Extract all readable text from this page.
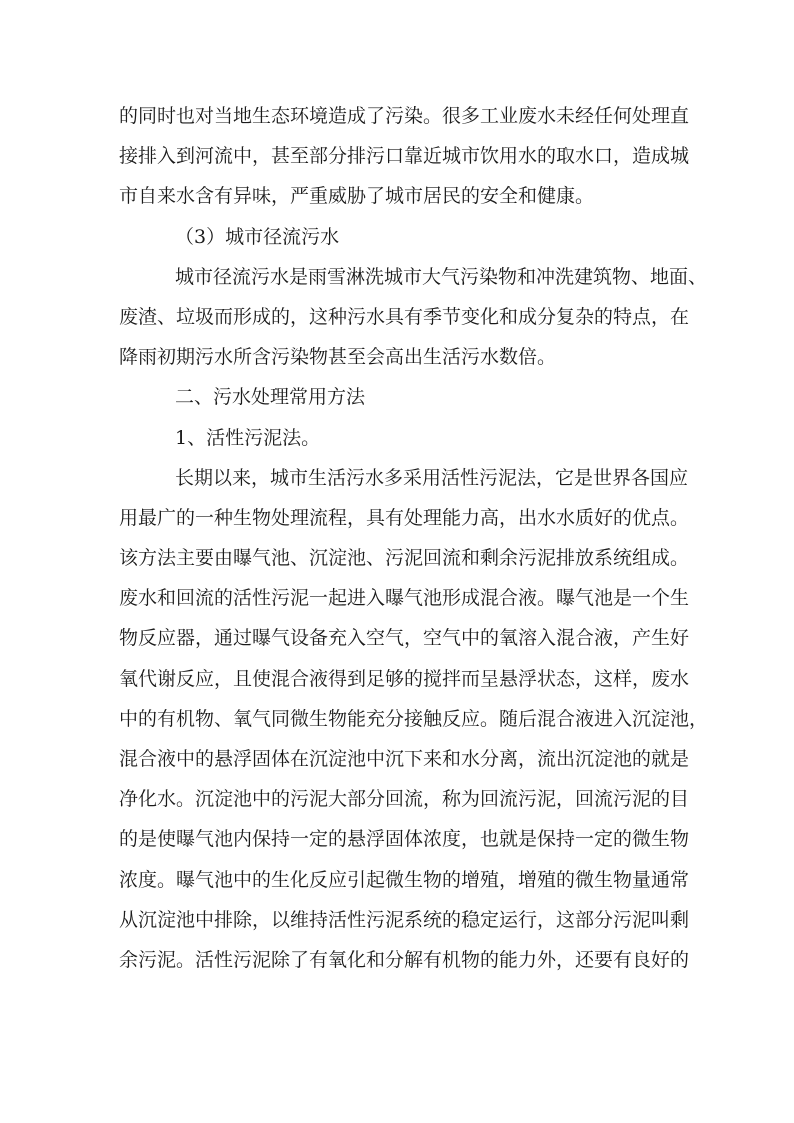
的同时也对当地生态环境造成了污染。很多工业废水未经任何处理直
接排入到河流中，甚至部分排污口靠近城市饮用水的取水口，造成城
市自来水含有异味，严重威胁了城市居民的安全和健康。
（3）城市径流污水
城市径流污水是雨雪淋洗城市大气污染物和冲洗建筑物、地面、
废渣、垃圾而形成的，这种污水具有季节变化和成分复杂的特点，在
降雨初期污水所含污染物甚至会高出生活污水数倍。
二、污水处理常用方法
1、活性污泥法。
长期以来，城市生活污水多采用活性污泥法，它是世界各国应
用最广的一种生物处理流程，具有处理能力高，出水水质好的优点。
该方法主要由曝气池、沉淀池、污泥回流和剩余污泥排放系统组成。
废水和回流的活性污泥一起进入曝气池形成混合液。曝气池是一个生
物反应器，通过曝气设备充入空气，空气中的氧溶入混合液，产生好
氧代谢反应，且使混合液得到足够的搅拌而呈悬浮状态，这样，废水
中的有机物、氧气同微生物能充分接触反应。随后混合液进入沉淀池，
混合液中的悬浮固体在沉淀池中沉下来和水分离，流出沉淀池的就是
净化水。沉淀池中的污泥大部分回流，称为回流污泥，回流污泥的目
的是使曝气池内保持一定的悬浮固体浓度，也就是保持一定的微生物
浓度。曝气池中的生化反应引起微生物的增殖，增殖的微生物量通常
从沉淀池中排除，以维持活性污泥系统的稳定运行，这部分污泥叫剩
余污泥。活性污泥除了有氧化和分解有机物的能力外，还要有良好的
